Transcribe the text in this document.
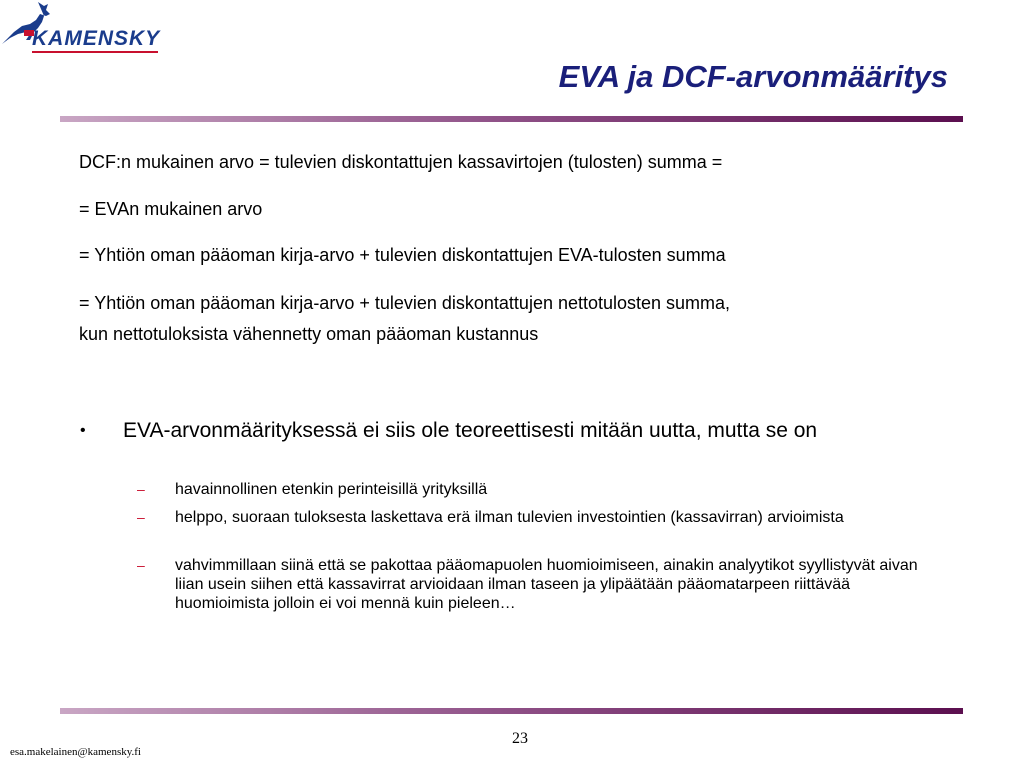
KAMENSKY
EVA ja DCF-arvonmääritys
DCF:n mukainen arvo = tulevien diskontattujen kassavirtojen (tulosten) summa =
= EVAn mukainen arvo
= Yhtiön oman pääoman kirja-arvo + tulevien diskontattujen EVA-tulosten summa
= Yhtiön oman pääoman kirja-arvo + tulevien diskontattujen nettotulosten summa,
kun nettotuloksista vähennetty oman pääoman kustannus
• EVA-arvonmäärityksessä ei siis ole teoreettisesti mitään uutta, mutta se on
– havainnollinen etenkin perinteisillä yrityksillä
– helppo, suoraan tuloksesta laskettava erä ilman tulevien investointien (kassavirran) arvioimista
– vahvimmillaan siinä että se pakottaa pääomapuolen huomioimiseen, ainakin analyytikot syyllistyvät aivan liian usein siihen että kassavirrat arvioidaan ilman taseen ja ylipäätään pääomatarpeen riittävää huomioimista jolloin ei voi mennä kuin pieleen…
23
esa.makelainen@kamensky.fi
